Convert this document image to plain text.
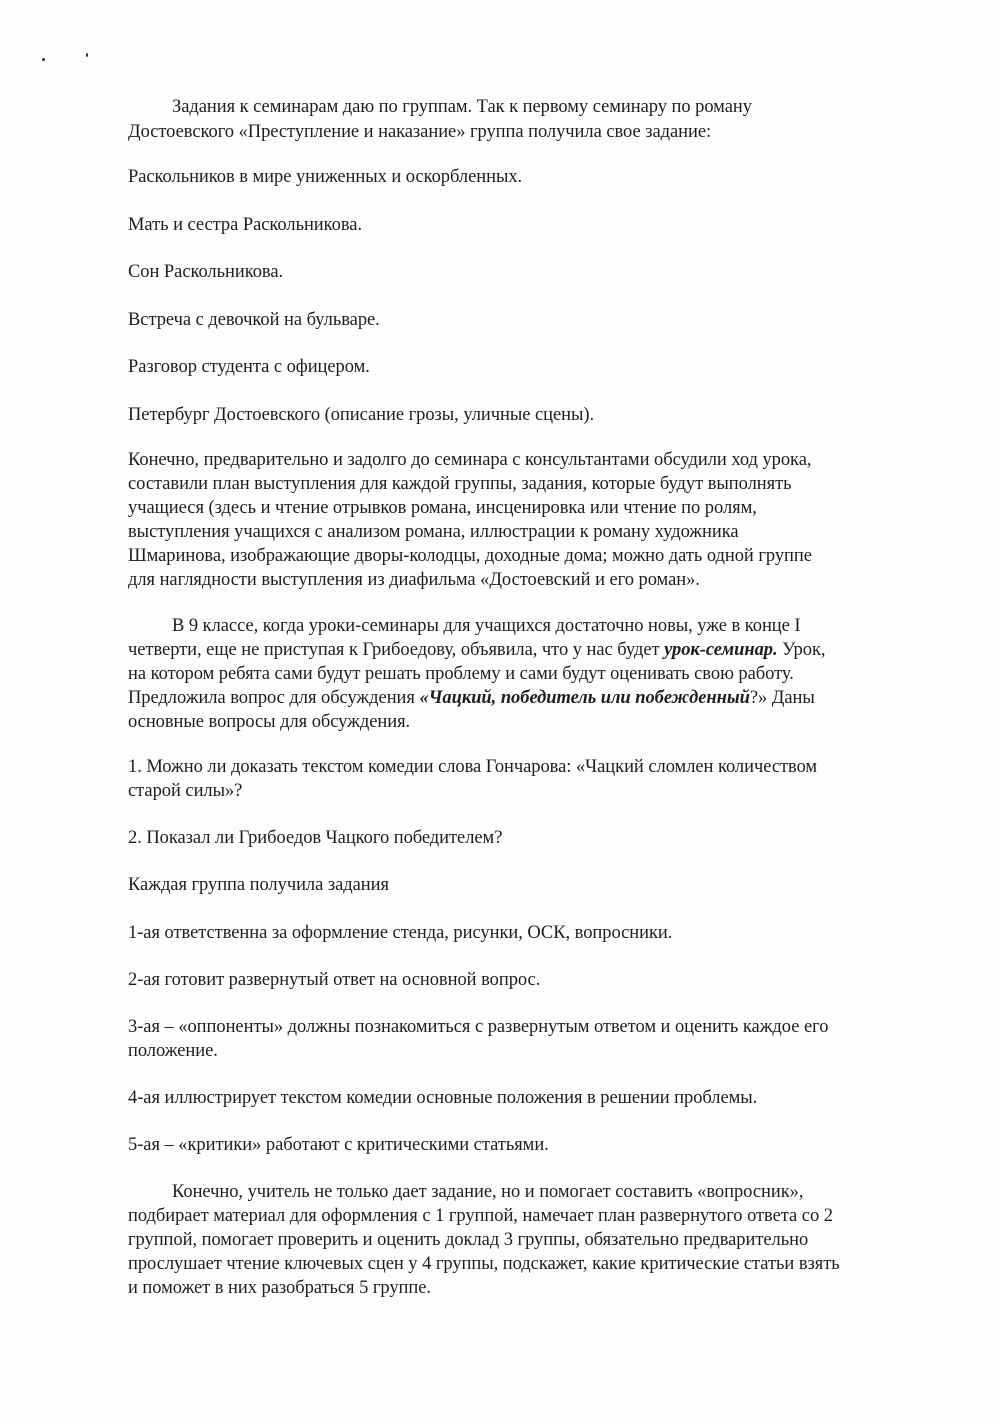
Задания к семинарам даю по группам. Так к первому семинару по роману
Достоевского «Преступление и наказание» группа получила свое задание:
Раскольников в мире униженных и оскорбленных.
Мать и сестра Раскольникова.
Сон Раскольникова.
Встреча с девочкой на бульваре.
Разговор студента с офицером.
Петербург Достоевского (описание грозы, уличные сцены).
Конечно, предварительно и задолго до семинара с консультантами обсудили ход урока,
составили план выступления для каждой группы, задания, которые будут выполнять
учащиеся (здесь и чтение отрывков романа, инсценировка или чтение по ролям,
выступления учащихся с анализом романа, иллюстрации к роману художника
Шмаринова, изображающие дворы-колодцы, доходные дома; можно дать одной группе
для наглядности выступления из диафильма «Достоевский и его роман».
В 9 классе, когда уроки-семинары для учащихся достаточно новы, уже в конце I
четверти, еще не приступая к Грибоедову, объявила, что у нас будет урок-семинар. Урок,
на котором ребята сами будут решать проблему и сами будут оценивать свою работу.
Предложила вопрос для обсуждения «Чацкий, победитель или побежденный?» Даны
основные вопросы для обсуждения.
1. Можно ли доказать текстом комедии слова Гончарова: «Чацкий сломлен количеством
старой силы»?
2. Показал ли Грибоедов Чацкого победителем?
Каждая группа получила задания
1-ая ответственна за оформление стенда, рисунки, ОСК, вопросники.
2-ая готовит развернутый ответ на основной вопрос.
3-ая – «оппоненты» должны познакомиться с развернутым ответом и оценить каждое его
положение.
4-ая иллюстрирует текстом комедии основные положения в решении проблемы.
5-ая – «критики» работают с критическими статьями.
Конечно, учитель не только дает задание, но и помогает составить «вопросник»,
подбирает материал для оформления с 1 группой, намечает план развернутого ответа со 2
группой, помогает проверить и оценить доклад 3 группы, обязательно предварительно
прослушает чтение ключевых сцен у 4 группы, подскажет, какие критические статьи взять
и поможет в них разобраться 5 группе.
